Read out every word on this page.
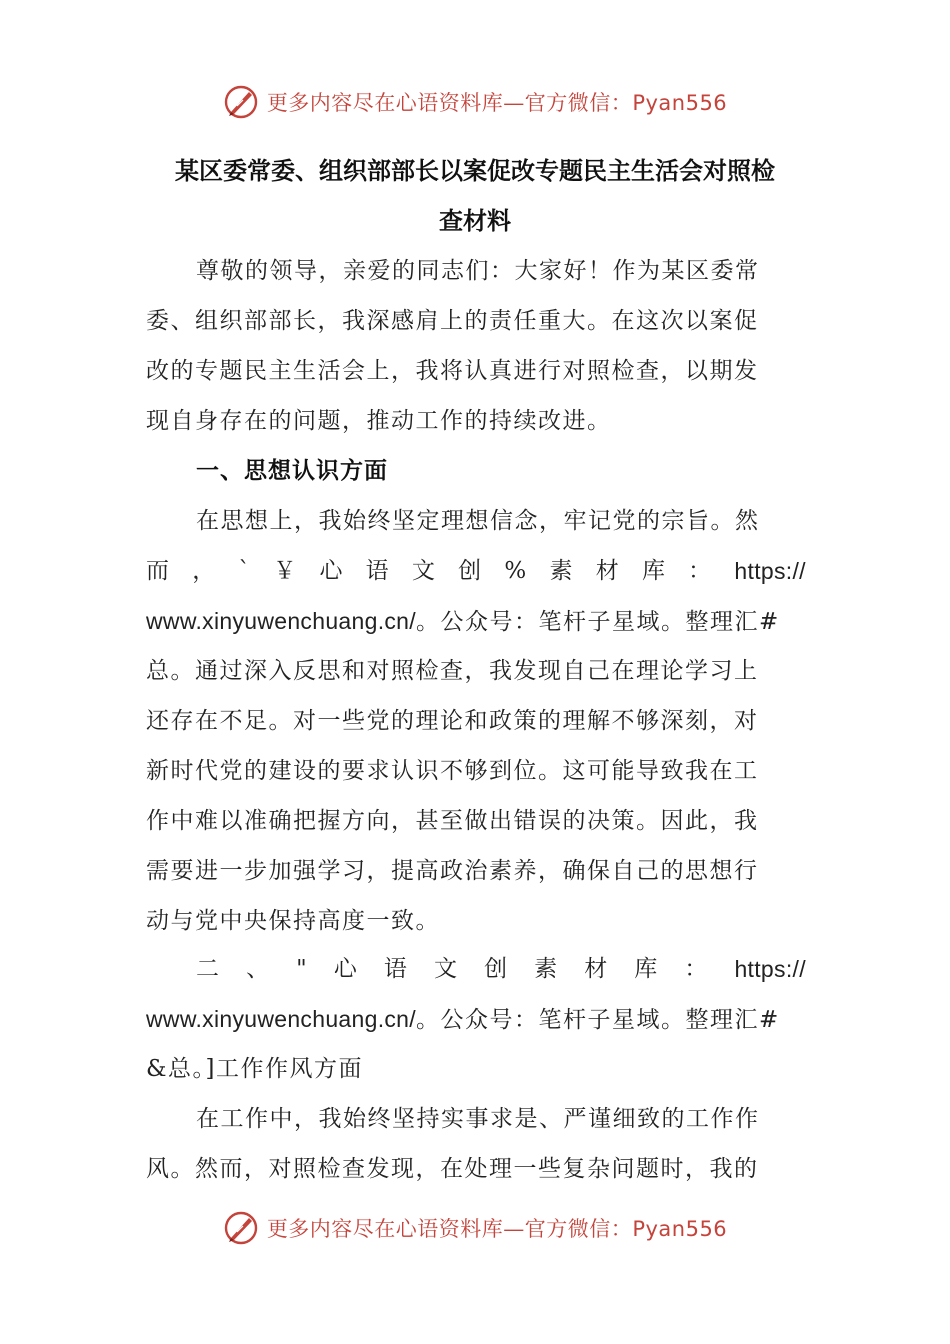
更多内容尽在心语资料库—官方微信：Pyan556
某区委常委、组织部部长以案促改专题民主生活会对照检
查材料
尊敬的领导，亲爱的同志们：大家好！作为某区委常
委、组织部部长，我深感肩上的责任重大。在这次以案促
改的专题民主生活会上，我将认真进行对照检查，以期发
现自身存在的问题，推动工作的持续改进。
一、思想认识方面
在思想上，我始终坚定理想信念，牢记党的宗旨。然
而 ， ` ￥ 心 语 文 创 % 素 材 库 ： https://
www.xinyuwenchuang.cn/。公众号：笔杆子星域。整理汇#
总。通过深入反思和对照检查，我发现自己在理论学习上
还存在不足。对一些党的理论和政策的理解不够深刻，对
新时代党的建设的要求认识不够到位。这可能导致我在工
作中难以准确把握方向，甚至做出错误的决策。因此，我
需要进一步加强学习，提高政治素养，确保自己的思想行
动与党中央保持高度一致。
二 、 " 心 语 文 创 素 材 库 ： https://
www.xinyuwenchuang.cn/。公众号：笔杆子星域。整理汇#
&总。]工作作风方面
在工作中，我始终坚持实事求是、严谨细致的工作作
风。然而，对照检查发现，在处理一些复杂问题时，我的
更多内容尽在心语资料库—官方微信：Pyan556
